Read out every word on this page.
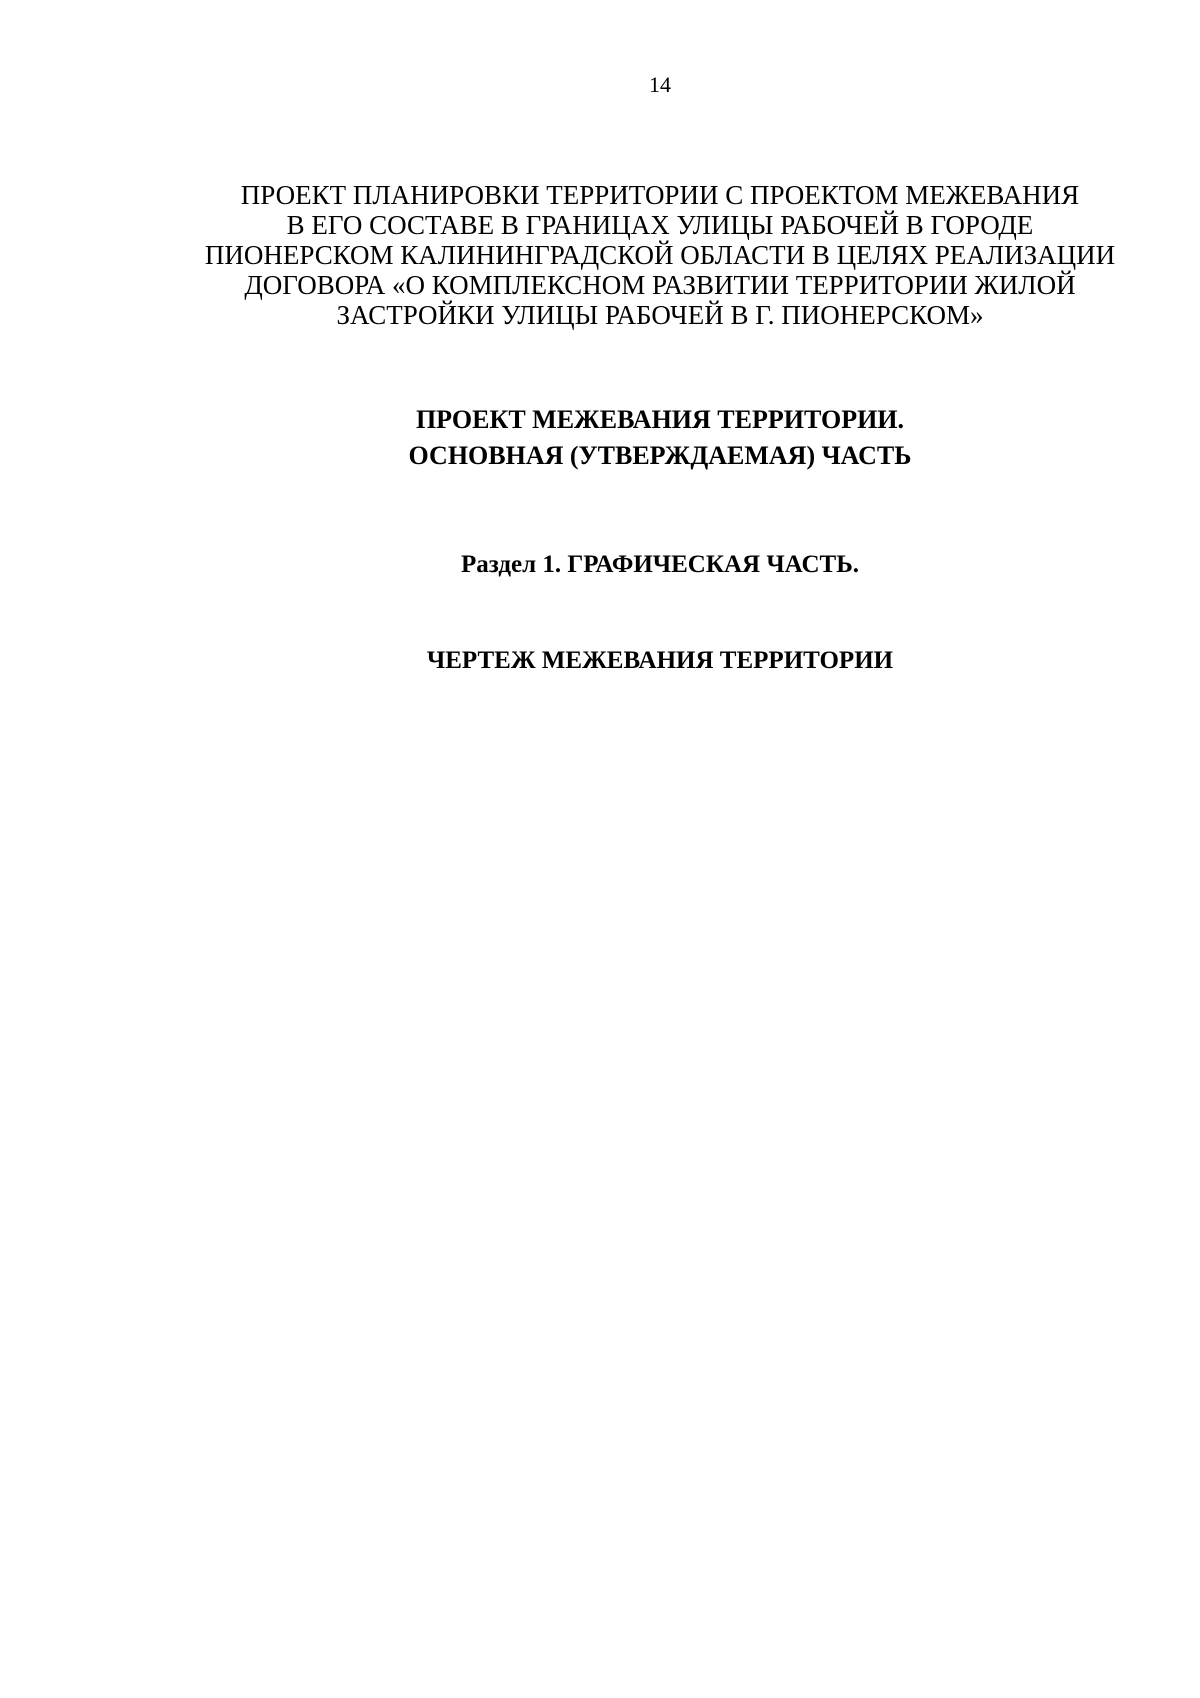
14
ПРОЕКТ ПЛАНИРОВКИ ТЕРРИТОРИИ С ПРОЕКТОМ МЕЖЕВАНИЯ
В ЕГО СОСТАВЕ В ГРАНИЦАХ УЛИЦЫ РАБОЧЕЙ В ГОРОДЕ
ПИОНЕРСКОМ КАЛИНИНГРАДСКОЙ ОБЛАСТИ В ЦЕЛЯХ РЕАЛИЗАЦИИ
ДОГОВОРА «О КОМПЛЕКСНОМ РАЗВИТИИ ТЕРРИТОРИИ ЖИЛОЙ
ЗАСТРОЙКИ УЛИЦЫ РАБОЧЕЙ В Г. ПИОНЕРСКОМ»
ПРОЕКТ МЕЖЕВАНИЯ ТЕРРИТОРИИ.
ОСНОВНАЯ (УТВЕРЖДАЕМАЯ) ЧАСТЬ
Раздел 1. ГРАФИЧЕСКАЯ ЧАСТЬ.
ЧЕРТЕЖ МЕЖЕВАНИЯ ТЕРРИТОРИИ
